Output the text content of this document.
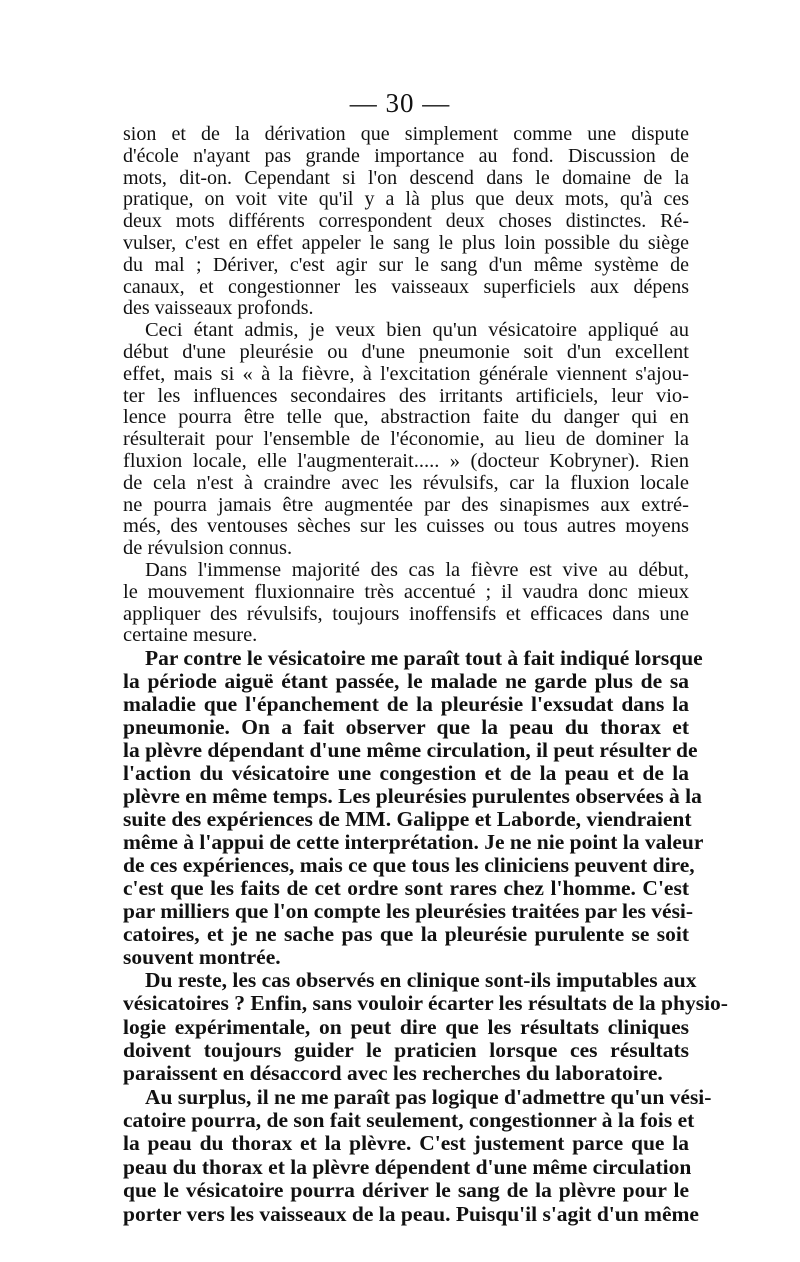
— 30 —
sion et de la dérivation que simplement comme une dispute
d'école n'ayant pas grande importance au fond. Discussion de
mots, dit-on. Cependant si l'on descend dans le domaine de la
pratique, on voit vite qu'il y a là plus que deux mots, qu'à ces
deux mots différents correspondent deux choses distinctes. Ré-
vulser, c'est en effet appeler le sang le plus loin possible du siège
du mal ; Dériver, c'est agir sur le sang d'un même système de
canaux, et congestionner les vaisseaux superficiels aux dépens
des vaisseaux profonds.
Ceci étant admis, je veux bien qu'un vésicatoire appliqué au
début d'une pleurésie ou d'une pneumonie soit d'un excellent
effet, mais si « à la fièvre, à l'excitation générale viennent s'ajou-
ter les influences secondaires des irritants artificiels, leur vio-
lence pourra être telle que, abstraction faite du danger qui en
résulterait pour l'ensemble de l'économie, au lieu de dominer la
fluxion locale, elle l'augmenterait..... » (docteur Kobryner). Rien
de cela n'est à craindre avec les révulsifs, car la fluxion locale
ne pourra jamais être augmentée par des sinapismes aux extré-
més, des ventouses sèches sur les cuisses ou tous autres moyens
de révulsion connus.
Dans l'immense majorité des cas la fièvre est vive au début,
le mouvement fluxionnaire très accentué ; il vaudra donc mieux
appliquer des révulsifs, toujours inoffensifs et efficaces dans une
certaine mesure.
Par contre le vésicatoire me paraît tout à fait indiqué lorsque
la période aiguë étant passée, le malade ne garde plus de sa
maladie que l'épanchement de la pleurésie l'exsudat dans la
pneumonie. On a fait observer que la peau du thorax et
la plèvre dépendant d'une même circulation, il peut résulter de
l'action du vésicatoire une congestion et de la peau et de la
plèvre en même temps. Les pleurésies purulentes observées à la
suite des expériences de MM. Galippe et Laborde, viendraient
même à l'appui de cette interprétation. Je ne nie point la valeur
de ces expériences, mais ce que tous les cliniciens peuvent dire,
c'est que les faits de cet ordre sont rares chez l'homme. C'est
par milliers que l'on compte les pleurésies traitées par les vési-
catoires, et je ne sache pas que la pleurésie purulente se soit
souvent montrée.
Du reste, les cas observés en clinique sont-ils imputables aux
vésicatoires ? Enfin, sans vouloir écarter les résultats de la physio-
logie expérimentale, on peut dire que les résultats cliniques
doivent toujours guider le praticien lorsque ces résultats
paraissent en désaccord avec les recherches du laboratoire.
Au surplus, il ne me paraît pas logique d'admettre qu'un vési-
catoire pourra, de son fait seulement, congestionner à la fois et
la peau du thorax et la plèvre. C'est justement parce que la
peau du thorax et la plèvre dépendent d'une même circulation
que le vésicatoire pourra dériver le sang de la plèvre pour le
porter vers les vaisseaux de la peau. Puisqu'il s'agit d'un même
